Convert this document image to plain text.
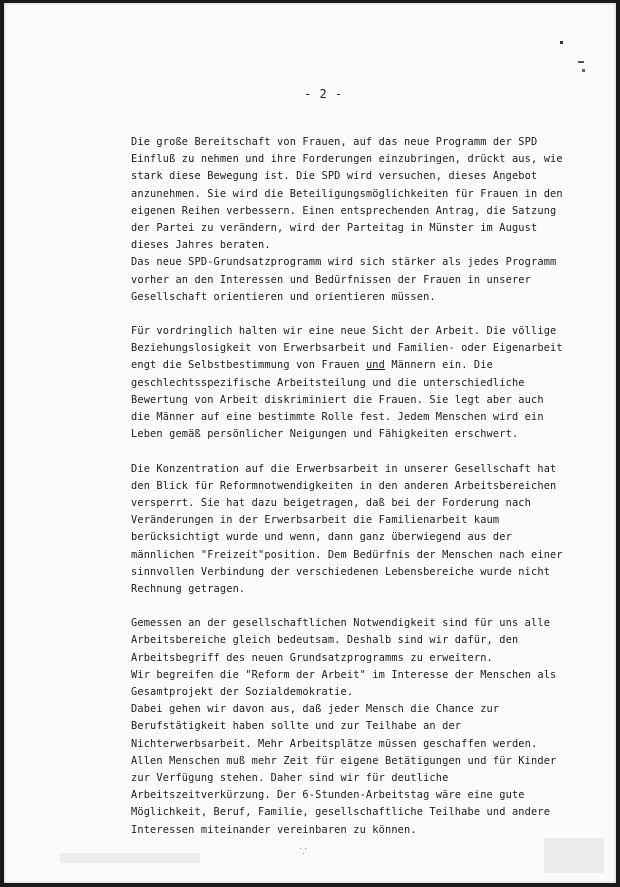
- 2 -
Die große Bereitschaft von Frauen, auf das neue Programm der SPD
Einfluß zu nehmen und ihre Forderungen einzubringen, drückt aus, wie
stark diese Bewegung ist. Die SPD wird versuchen, dieses Angebot
anzunehmen. Sie wird die Beteiligungsmöglichkeiten für Frauen in den
eigenen Reihen verbessern. Einen entsprechenden Antrag, die Satzung
der Partei zu verändern, wird der Parteitag in Münster im August
dieses Jahres beraten.
Das neue SPD-Grundsatzprogramm wird sich stärker als jedes Programm
vorher an den Interessen und Bedürfnissen der Frauen in unserer
Gesellschaft orientieren und orientieren müssen.
Für vordringlich halten wir eine neue Sicht der Arbeit. Die völlige
Beziehungslosigkeit von Erwerbsarbeit und Familien- oder Eigenarbeit
engt die Selbstbestimmung von Frauen und Männern ein. Die
geschlechtsspezifische Arbeitsteilung und die unterschiedliche
Bewertung von Arbeit diskriminiert die Frauen. Sie legt aber auch
die Männer auf eine bestimmte Rolle fest. Jedem Menschen wird ein
Leben gemäß persönlicher Neigungen und Fähigkeiten erschwert.
Die Konzentration auf die Erwerbsarbeit in unserer Gesellschaft hat
den Blick für Reformnotwendigkeiten in den anderen Arbeitsbereichen
versperrt. Sie hat dazu beigetragen, daß bei der Forderung nach
Veränderungen in der Erwerbsarbeit die Familienarbeit kaum
berücksichtigt wurde und wenn, dann ganz überwiegend aus der
männlichen "Freizeit"position. Dem Bedürfnis der Menschen nach einer
sinnvollen Verbindung der verschiedenen Lebensbereiche wurde nicht
Rechnung getragen.
Gemessen an der gesellschaftlichen Notwendigkeit sind für uns alle
Arbeitsbereiche gleich bedeutsam. Deshalb sind wir dafür, den
Arbeitsbegriff des neuen Grundsatzprogramms zu erweitern.
Wir begreifen die "Reform der Arbeit" im Interesse der Menschen als
Gesamtprojekt der Sozialdemokratie.
Dabei gehen wir davon aus, daß jeder Mensch die Chance zur
Berufstätigkeit haben sollte und zur Teilhabe an der
Nichterwerbsarbeit. Mehr Arbeitsplätze müssen geschaffen werden.
Allen Menschen muß mehr Zeit für eigene Betätigungen und für Kinder
zur Verfügung stehen. Daher sind wir für deutliche
Arbeitszeitverkürzung. Der 6-Stunden-Arbeitstag wäre eine gute
Möglichkeit, Beruf, Familie, gesellschaftliche Teilhabe und andere
Interessen miteinander vereinbaren zu können.
⸪
